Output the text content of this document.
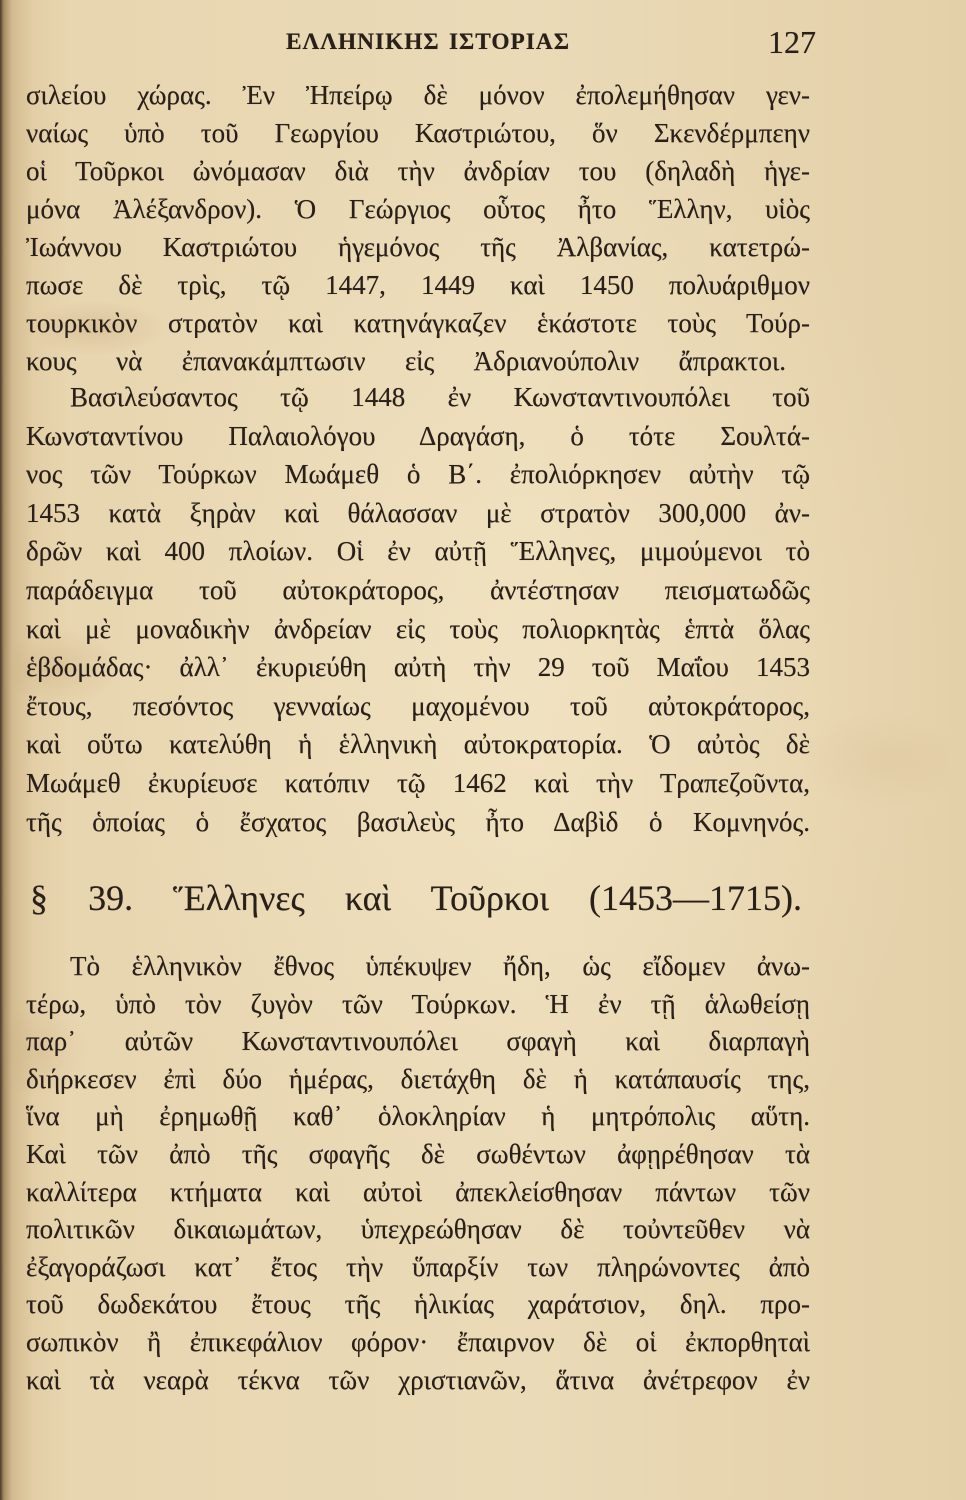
ΕΛΛΗΝΙΚΗΣ ΙΣΤΟΡΙΑΣ	127
σιλείου χώρας. Ἐν Ἠπείρῳ δὲ μόνον ἐπολεμήθησαν γεν-
ναίως ὑπὸ τοῦ Γεωργίου Καστριώτου, ὅν Σκενδέρμπεην
οἱ Τοῦρκοι ὠνόμασαν διὰ τὴν ἀνδρίαν του (δηλαδὴ ἡγε-
μόνα Ἀλέξανδρον). Ὁ Γεώργιος οὗτος ἦτο Ἕλλην, υἱὸς
Ἰωάννου Καστριώτου ἡγεμόνος τῆς Ἀλβανίας, κατετρώ-
πωσε δὲ τρὶς, τῷ 1447, 1449 καὶ 1450 πολυάριθμον
τουρκικὸν στρατὸν καὶ κατηνάγκαζεν ἑκάστοτε τοὺς Τούρ-
κους νὰ ἐπανακάμπτωσιν εἰς Ἀδριανούπολιν ἄπρακτοι.
Βασιλεύσαντος τῷ 1448 ἐν Κωνσταντινουπόλει τοῦ
Κωνσταντίνου Παλαιολόγου Δραγάση, ὁ τότε Σουλτά-
νος τῶν Τούρκων Μωάμεθ ὁ Β΄. ἐπολιόρκησεν αὐτὴν τῷ
1453 κατὰ ξηρὰν καὶ θάλασσαν μὲ στρατὸν 300,000 ἀν-
δρῶν καὶ 400 πλοίων. Οἱ ἐν αὐτῇ Ἕλληνες, μιμούμενοι τὸ
παράδειγμα τοῦ αὐτοκράτορος, ἀντέστησαν πεισματωδῶς
καὶ μὲ μοναδικὴν ἀνδρείαν εἰς τοὺς πολιορκητὰς ἑπτὰ ὅλας
ἑβδομάδας· ἀλλ᾽ ἐκυριεύθη αὐτὴ τὴν 29 τοῦ Μαΐου 1453
ἔτους, πεσόντος γενναίως μαχομένου τοῦ αὐτοκράτορος,
καὶ οὕτω κατελύθη ἡ ἑλληνικὴ αὐτοκρατορία. Ὁ αὐτὸς δὲ
Μωάμεθ ἐκυρίευσε κατόπιν τῷ 1462 καὶ τὴν Τραπεζοῦντα,
τῆς ὁποίας ὁ ἔσχατος βασιλεὺς ἦτο Δαβὶδ ὁ Κομνηνός.
§ 39. Ἕλληνες καὶ Τοῦρκοι (1453—1715).
Τὸ ἑλληνικὸν ἔθνος ὑπέκυψεν ἤδη, ὡς εἴδομεν ἀνω-
τέρω, ὑπὸ τὸν ζυγὸν τῶν Τούρκων. Ἡ ἐν τῇ ἁλωθείσῃ
παρ᾽ αὐτῶν Κωνσταντινουπόλει σφαγὴ καὶ διαρπαγὴ
διήρκεσεν ἐπὶ δύο ἡμέρας, διετάχθη δὲ ἡ κατάπαυσίς της,
ἵνα μὴ ἐρημωθῇ καθ᾽ ὁλοκληρίαν ἡ μητρόπολις αὕτη.
Καὶ τῶν ἀπὸ τῆς σφαγῆς δὲ σωθέντων ἀφῃρέθησαν τὰ
καλλίτερα κτήματα καὶ αὐτοὶ ἀπεκλείσθησαν πάντων τῶν
πολιτικῶν δικαιωμάτων, ὑπεχρεώθησαν δὲ τοὐντεῦθεν νὰ
ἐξαγοράζωσι κατ᾽ ἔτος τὴν ὕπαρξίν των πληρώνοντες ἀπὸ
τοῦ δωδεκάτου ἔτους τῆς ἡλικίας χαράτσιον, δηλ. προ-
σωπικὸν ἢ ἐπικεφάλιον φόρον· ἔπαιρνον δὲ οἱ ἐκπορθηταὶ
καὶ τὰ νεαρὰ τέκνα τῶν χριστιανῶν, ἅτινα ἀνέτρεφον ἐν
